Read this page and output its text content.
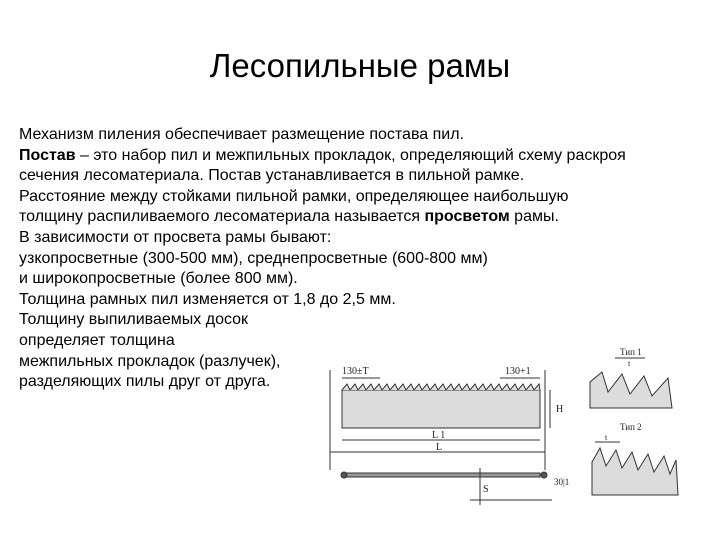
Лесопильные рамы
Механизм пиления обеспечивает размещение постава пил.
Постав – это набор пил и межпильных прокладок, определяющий схему раскроя
сечения лесоматериала. Постав устанавливается в пильной рамке.
Расстояние между стойками пильной рамки, определяющее наибольшую
толщину распиливаемого лесоматериала называется просветом рамы.
В зависимости от просвета рамы бывают:
узкопросветные (300-500 мм), среднепросветные (600-800 мм)
и широкопросветные (более 800 мм).
Толщина рамных пил изменяется от 1,8 до 2,5 мм.
Толщину выпиливаемых досок
определяет толщина
межпильных прокладок (разлучек),
разделяющих пилы друг от друга.
130±Т	130+1
H
L 1
L
S
30|1
Тип 1
t
Тип 2
t
